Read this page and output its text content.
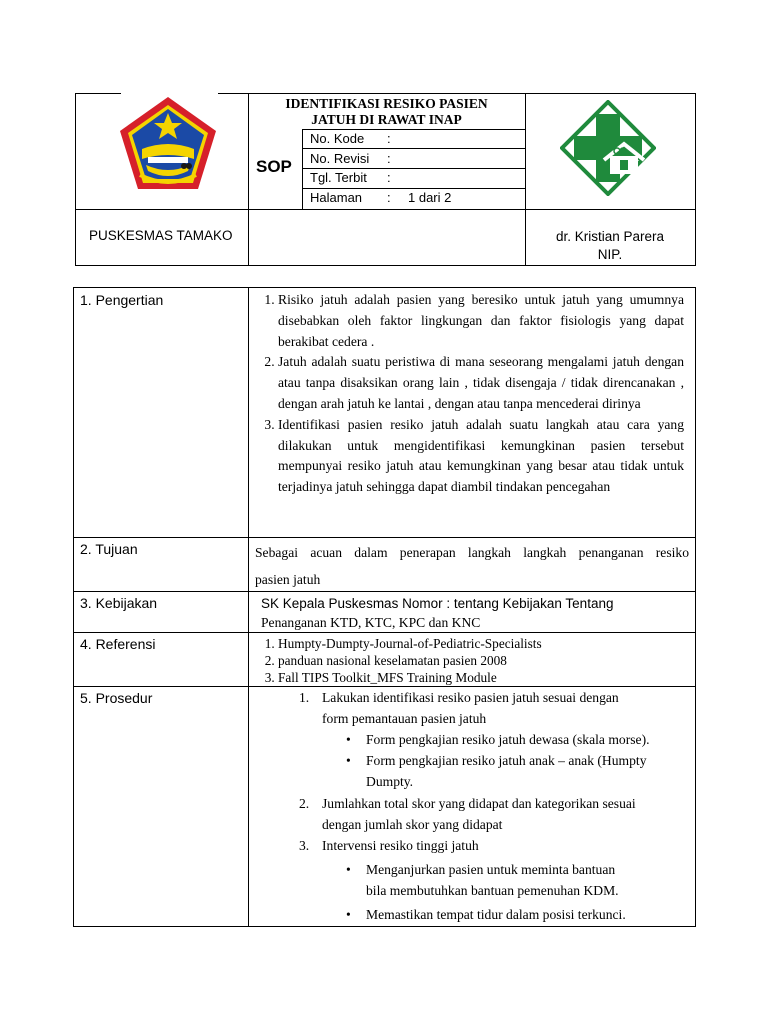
IDENTIFIKASI RESIKO PASIEN
JATUH DI RAWAT INAP
SOP
No. Kode :
No. Revisi :
Tgl. Terbit :
Halaman : 1 dari 2
PUSKESMAS TAMAKO	dr. Kristian Parera
NIP.
1. Pengertian	1. Risiko jatuh adalah pasien yang beresiko untuk jatuh yang umumnya disebabkan oleh faktor lingkungan dan faktor fisiologis yang dapat berakibat cedera .
2. Jatuh adalah suatu peristiwa di mana seseorang mengalami jatuh dengan atau tanpa disaksikan orang lain , tidak disengaja / tidak direncanakan , dengan arah jatuh ke lantai , dengan atau tanpa mencederai dirinya
3. Identifikasi pasien resiko jatuh adalah suatu langkah atau cara yang dilakukan untuk mengidentifikasi kemungkinan pasien tersebut mempunyai resiko jatuh atau kemungkinan yang besar atau tidak untuk terjadinya jatuh sehingga dapat diambil tindakan pencegahan
2. Tujuan	Sebagai acuan dalam penerapan langkah langkah penanganan resiko
pasien jatuh
3. Kebijakan	SK Kepala Puskesmas Nomor : tentang Kebijakan Tentang
Penanganan KTD, KTC, KPC dan KNC
4. Referensi	1. Humpty-Dumpty-Journal-of-Pediatric-Specialists
2. panduan nasional keselamatan pasien 2008
3. Fall TIPS Toolkit_MFS Training Module
5. Prosedur	1. Lakukan identifikasi resiko pasien jatuh sesuai dengan
form pemantauan pasien jatuh
• Form pengkajian resiko jatuh dewasa (skala morse).
• Form pengkajian resiko jatuh anak – anak (Humpty Dumpty.
2. Jumlahkan total skor yang didapat dan kategorikan sesuai
dengan jumlah skor yang didapat
3. Intervensi resiko tinggi jatuh
• Menganjurkan pasien untuk meminta bantuan
bila membutuhkan bantuan pemenuhan KDM.
• Memastikan tempat tidur dalam posisi terkunci.
